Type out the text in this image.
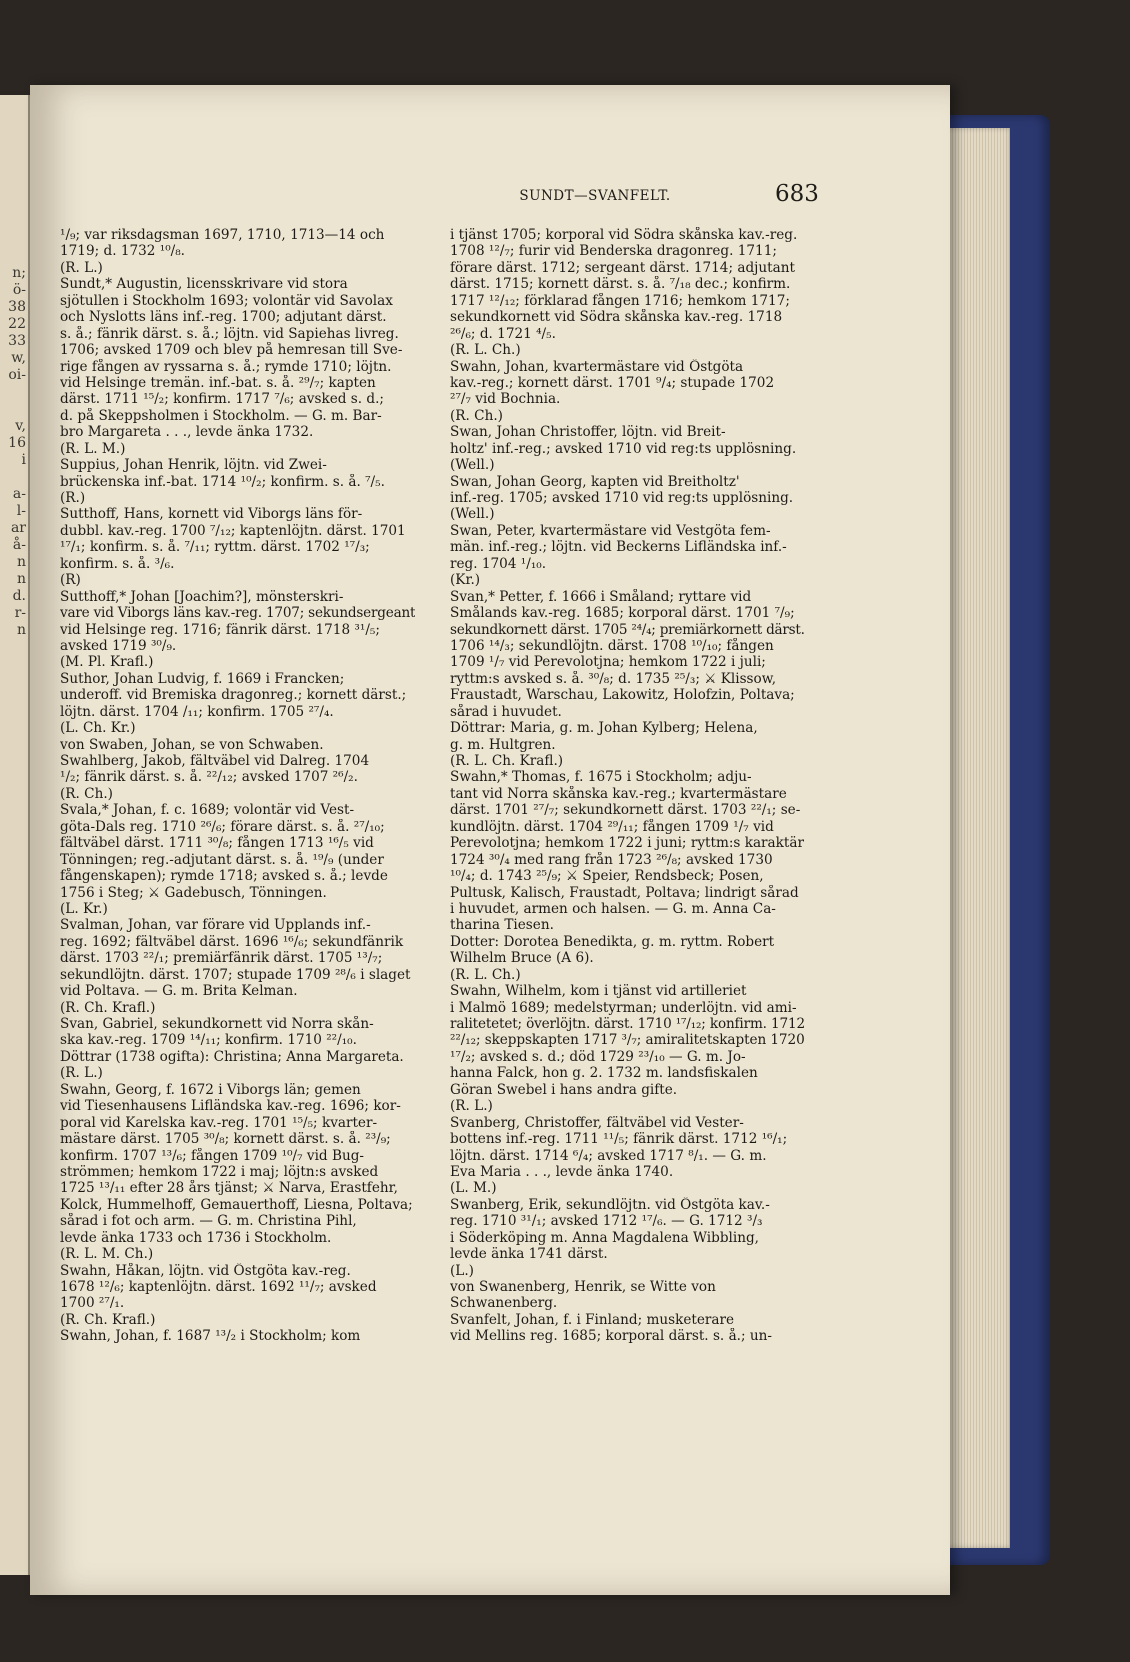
n;
ö-
38
22
33
w,
oi-
v,
16
i
a-
l-
ar
å-
n
n
d.
r-
n
SUNDT—SVANFELT.	683
¹/₉; var riksdagsman 1697, 1710, 1713—14 och
1719; d. 1732 ¹⁰/₈.
(R. L.)
Sundt,* Augustin, licensskrivare vid stora
sjötullen i Stockholm 1693; volontär vid Savolax
och Nyslotts läns inf.-reg. 1700; adjutant därst.
s. å.; fänrik därst. s. å.; löjtn. vid Sapiehas livreg.
1706; avsked 1709 och blev på hemresan till Sve-
rige fången av ryssarna s. å.; rymde 1710; löjtn.
vid Helsinge tremän. inf.-bat. s. å. ²⁹/₇; kapten
därst. 1711 ¹⁵/₂; konfirm. 1717 ⁷/₆; avsked s. d.;
d. på Skeppsholmen i Stockholm. — G. m. Bar-
bro Margareta . . ., levde änka 1732.
(R. L. M.)
Suppius, Johan Henrik, löjtn. vid Zwei-
brückenska inf.-bat. 1714 ¹⁰/₂; konfirm. s. å. ⁷/₅.
(R.)
Sutthoff, Hans, kornett vid Viborgs läns för-
dubbl. kav.-reg. 1700 ⁷/₁₂; kaptenlöjtn. därst. 1701
¹⁷/₁; konfirm. s. å. ⁷/₁₁; ryttm. därst. 1702 ¹⁷/₃;
konfirm. s. å. ³/₆.
(R)
Sutthoff,* Johan [Joachim?], mönsterskri-
vare vid Viborgs läns kav.-reg. 1707; sekundsergeant
vid Helsinge reg. 1716; fänrik därst. 1718 ³¹/₅;
avsked 1719 ³⁰/₉.
(M. Pl. Krafl.)
Suthor, Johan Ludvig, f. 1669 i Francken;
underoff. vid Bremiska dragonreg.; kornett därst.;
löjtn. därst. 1704 /₁₁; konfirm. 1705 ²⁷/₄.
(L. Ch. Kr.)
von Swaben, Johan, se von Schwaben.
Swahlberg, Jakob, fältväbel vid Dalreg. 1704
¹/₂; fänrik därst. s. å. ²²/₁₂; avsked 1707 ²⁶/₂.
(R. Ch.)
Svala,* Johan, f. c. 1689; volontär vid Vest-
göta-Dals reg. 1710 ²⁶/₆; förare därst. s. å. ²⁷/₁₀;
fältväbel därst. 1711 ³⁰/₈; fången 1713 ¹⁶/₅ vid
Tönningen; reg.-adjutant därst. s. å. ¹⁹/₉ (under
fångenskapen); rymde 1718; avsked s. å.; levde
1756 i Steg; ⚔ Gadebusch, Tönningen.
(L. Kr.)
Svalman, Johan, var förare vid Upplands inf.-
reg. 1692; fältväbel därst. 1696 ¹⁶/₆; sekundfänrik
därst. 1703 ²²/₁; premiärfänrik därst. 1705 ¹³/₇;
sekundlöjtn. därst. 1707; stupade 1709 ²⁸/₆ i slaget
vid Poltava. — G. m. Brita Kelman.
(R. Ch. Krafl.)
Svan, Gabriel, sekundkornett vid Norra skån-
ska kav.-reg. 1709 ¹⁴/₁₁; konfirm. 1710 ²²/₁₀.
Döttrar (1738 ogifta): Christina; Anna Margareta.
(R. L.)
Swahn, Georg, f. 1672 i Viborgs län; gemen
vid Tiesenhausens Lifländska kav.-reg. 1696; kor-
poral vid Karelska kav.-reg. 1701 ¹⁵/₅; kvarter-
mästare därst. 1705 ³⁰/₈; kornett därst. s. å. ²³/₉;
konfirm. 1707 ¹³/₆; fången 1709 ¹⁰/₇ vid Bug-
strömmen; hemkom 1722 i maj; löjtn:s avsked
1725 ¹³/₁₁ efter 28 års tjänst; ⚔ Narva, Erastfehr,
Kolck, Hummelhoff, Gemauerthoff, Liesna, Poltava;
sårad i fot och arm. — G. m. Christina Pihl,
levde änka 1733 och 1736 i Stockholm.
(R. L. M. Ch.)
Swahn, Håkan, löjtn. vid Östgöta kav.-reg.
1678 ¹²/₆; kaptenlöjtn. därst. 1692 ¹¹/₇; avsked
1700 ²⁷/₁.
(R. Ch. Krafl.)
Swahn, Johan, f. 1687 ¹³/₂ i Stockholm; kom
i tjänst 1705; korporal vid Södra skånska kav.-reg.
1708 ¹²/₇; furir vid Benderska dragonreg. 1711;
förare därst. 1712; sergeant därst. 1714; adjutant
därst. 1715; kornett därst. s. å. ⁷/₁₈ dec.; konfirm.
1717 ¹²/₁₂; förklarad fången 1716; hemkom 1717;
sekundkornett vid Södra skånska kav.-reg. 1718
²⁶/₆; d. 1721 ⁴/₅.
(R. L. Ch.)
Swahn, Johan, kvartermästare vid Östgöta
kav.-reg.; kornett därst. 1701 ⁹/₄; stupade 1702
²⁷/₇ vid Bochnia.
(R. Ch.)
Swan, Johan Christoffer, löjtn. vid Breit-
holtz' inf.-reg.; avsked 1710 vid reg:ts upplösning.
(Well.)
Swan, Johan Georg, kapten vid Breitholtz'
inf.-reg. 1705; avsked 1710 vid reg:ts upplösning.
(Well.)
Swan, Peter, kvartermästare vid Vestgöta fem-
män. inf.-reg.; löjtn. vid Beckerns Lifländska inf.-
reg. 1704 ¹/₁₀.
(Kr.)
Svan,* Petter, f. 1666 i Småland; ryttare vid
Smålands kav.-reg. 1685; korporal därst. 1701 ⁷/₉;
sekundkornett därst. 1705 ²⁴/₄; premiärkornett därst.
1706 ¹⁴/₃; sekundlöjtn. därst. 1708 ¹⁰/₁₀; fången
1709 ¹/₇ vid Perevolotjna; hemkom 1722 i juli;
ryttm:s avsked s. å. ³⁰/₈; d. 1735 ²⁵/₃; ⚔ Klissow,
Fraustadt, Warschau, Lakowitz, Holofzin, Poltava;
sårad i huvudet.
Döttrar: Maria, g. m. Johan Kylberg; Helena,
g. m. Hultgren.
(R. L. Ch. Krafl.)
Swahn,* Thomas, f. 1675 i Stockholm; adju-
tant vid Norra skånska kav.-reg.; kvartermästare
därst. 1701 ²⁷/₇; sekundkornett därst. 1703 ²²/₁; se-
kundlöjtn. därst. 1704 ²⁹/₁₁; fången 1709 ¹/₇ vid
Perevolotjna; hemkom 1722 i juni; ryttm:s karaktär
1724 ³⁰/₄ med rang från 1723 ²⁶/₈; avsked 1730
¹⁰/₄; d. 1743 ²⁵/₉; ⚔ Speier, Rendsbeck; Posen,
Pultusk, Kalisch, Fraustadt, Poltava; lindrigt sårad
i huvudet, armen och halsen. — G. m. Anna Ca-
tharina Tiesen.
Dotter: Dorotea Benedikta, g. m. ryttm. Robert
Wilhelm Bruce (A 6).
(R. L. Ch.)
Swahn, Wilhelm, kom i tjänst vid artilleriet
i Malmö 1689; medelstyrman; underlöjtn. vid ami-
ralitetetet; överlöjtn. därst. 1710 ¹⁷/₁₂; konfirm. 1712
²²/₁₂; skeppskapten 1717 ³/₇; amiralitetskapten 1720
¹⁷/₂; avsked s. d.; död 1729 ²³/₁₀ — G. m. Jo-
hanna Falck, hon g. 2. 1732 m. landsfiskalen
Göran Swebel i hans andra gifte.
(R. L.)
Svanberg, Christoffer, fältväbel vid Vester-
bottens inf.-reg. 1711 ¹¹/₅; fänrik därst. 1712 ¹⁶/₁;
löjtn. därst. 1714 ⁶/₄; avsked 1717 ⁸/₁. — G. m.
Eva Maria . . ., levde änka 1740.
(L. M.)
Swanberg, Erik, sekundlöjtn. vid Östgöta kav.-
reg. 1710 ³¹/₁; avsked 1712 ¹⁷/₆. — G. 1712 ³/₃
i Söderköping m. Anna Magdalena Wibbling,
levde änka 1741 därst.
(L.)
von Swanenberg, Henrik, se Witte von
Schwanenberg.
Svanfelt, Johan, f. i Finland; musketerare
vid Mellins reg. 1685; korporal därst. s. å.; un-
